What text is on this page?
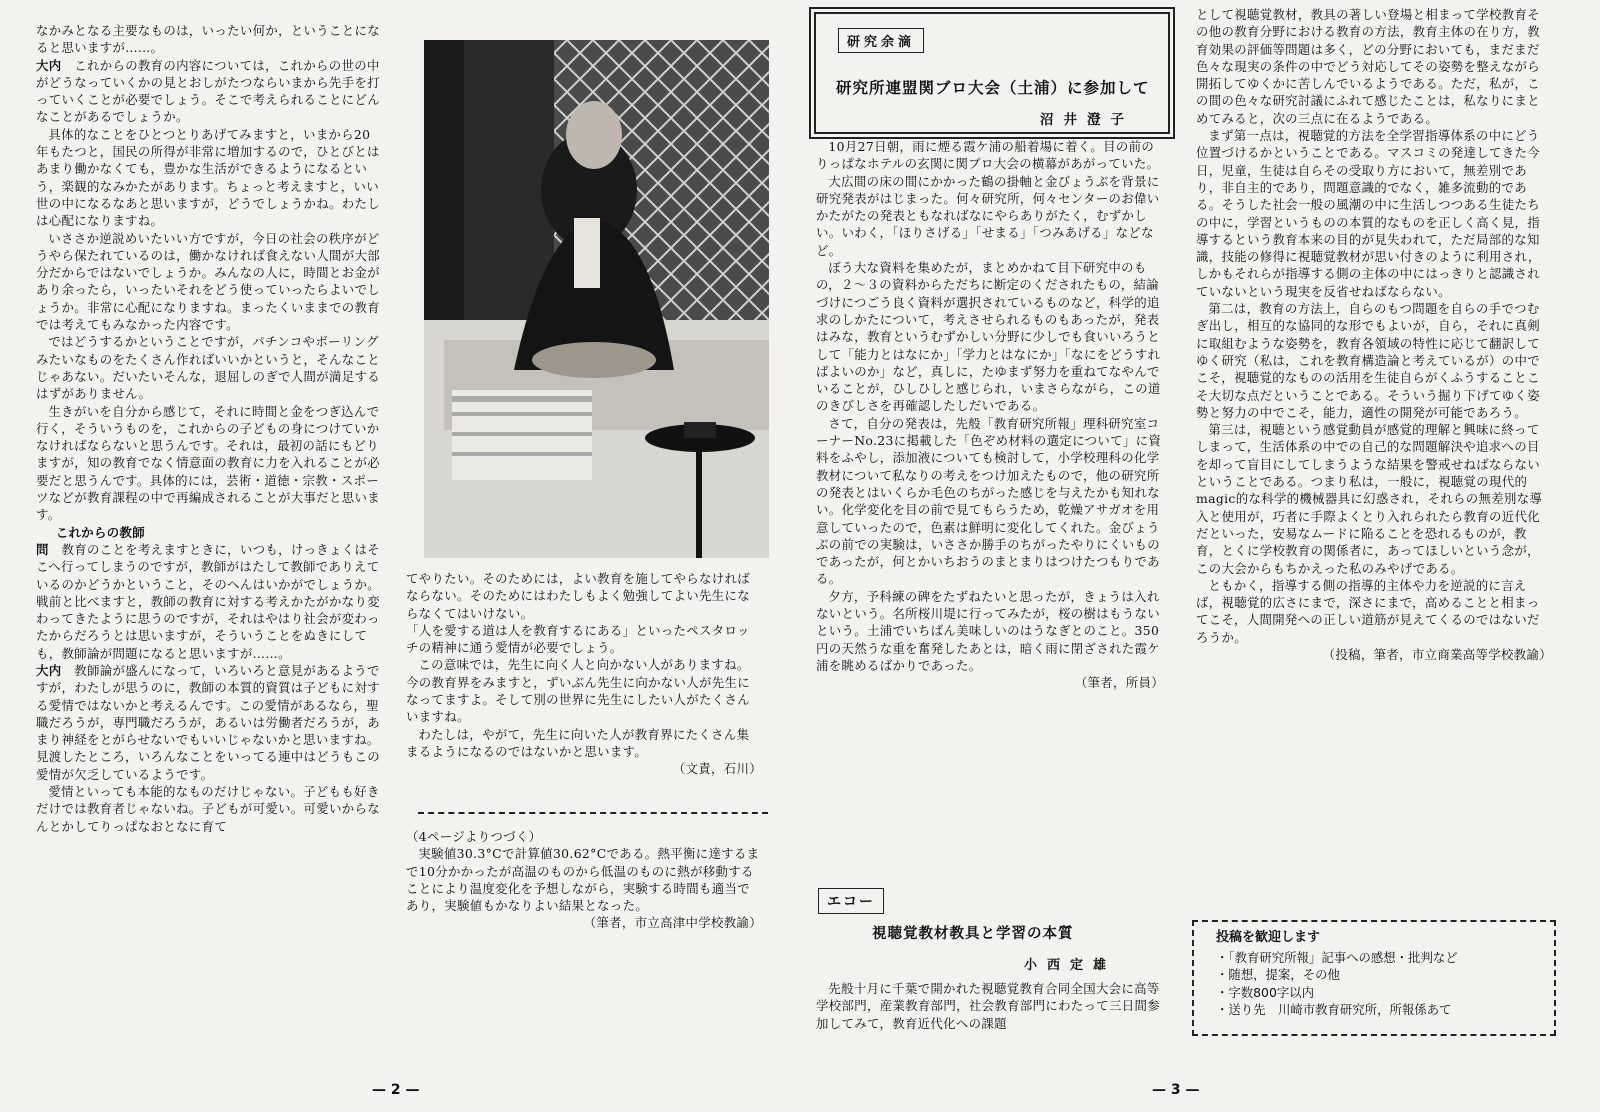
なかみとなる主要なものは，いったい何か，ということになると思いますが……。

大内　 これからの教育の内容については，これからの世の中がどうなっていくかの見とおしがたつならいまから先手を打っていくことが必要でしょう。そこで考えられることにどんなことがあるでしょうか。

具体的なことをひとつとりあげてみますと，いまから20年もたつと，国民の所得が非常に増加するので，ひとびとはあまり働かなくても，豊かな生活ができるようになるという，楽観的なみかたがあります。ちょっと考えますと，いい世の中になるなあと思いますが，どうでしょうかね。わたしは心配になりますね。

いささか逆説めいたいい方ですが，今日の社会の秩序がどうやら保たれているのは，働かなければ食えない人間が大部分だからではないでしょうか。みんなの人に，時間とお金があり余ったら，いったいそれをどう使っていったらよいでしょうか。非常に心配になりますね。まったくいままでの教育では考えてもみなかった内容です。

ではどうするかということですが，パチンコやボーリングみたいなものをたくさん作ればいいかというと，そんなことじゃあない。だいたいそんな，退屈しのぎで人間が満足するはずがありません。

生きがいを自分から感じて，それに時間と金をつぎ込んで行く，そういうものを，これからの子どもの身につけていかなければならないと思うんです。それは，最初の話にもどりますが，知の教育でなく情意面の教育に力を入れることが必要だと思うんです。具体的には，芸術・道徳・宗教・スポーツなどが教育課程の中で再編成されることが大事だと思います。

これからの教師

問　 教育のことを考えますときに，いつも，けっきょくはそこへ行ってしまうのですが，教師がはたして教師でありえているのかどうかということ，そのへんはいかがでしょうか。戦前と比べますと，教師の教育に対する考えかたがかなり変わってきたように思うのですが，それはやはり社会が変わったからだろうとは思いますが，そういうことをぬきにしても，教師論が問題になると思いますが……。

大内　 教師論が盛んになって，いろいろと意見があるようですが，わたしが思うのに，教師の本質的資質は子どもに対する愛情ではないかと考えるんです。この愛情があるなら，聖職だろうが，専門職だろうが，あるいは労働者だろうが，あまり神経をとがらせないでもいいじゃないかと思いますね。見渡したところ，いろんなことをいってる連中はどうもこの愛情が欠乏しているようです。

愛情といっても本能的なものだけじゃない。子どもも好きだけでは教育者じゃないね。子どもが可愛い。可愛いからなんとかしてりっぱなおとなに育て

てやりたい。そのためには，よい教育を施してやらなければならない。そのためにはわたしもよく勉強してよい先生にならなくてはいけない。

「人を愛する道は人を教育するにある」といったペスタロッチの精神に通う愛情が必要でしょう。

この意味では，先生に向く人と向かない人がありますね。今の教育界をみますと，ずいぶん先生に向かない人が先生になってますよ。そして別の世界に先生にしたい人がたくさんいますね。

わたしは，やがて，先生に向いた人が教育界にたくさん集まるようになるのではないかと思います。

（文責，石川）

（4ページよりつづく）

実験値30.3°Cで計算値30.62°Cである。熱平衡に達するまで10分かかったが高温のものから低温のものに熱が移動することにより温度変化を予想しながら，実験する時間も適当であり，実験値もかなりよい結果となった。

（筆者，市立高津中学校教諭）

— 2 —
研究余滴
研究所連盟関ブロ大会（土浦）に参加して
沼井澄子

10月27日朝，雨に煙る霞ケ浦の船着場に着く。目の前のりっぱなホテルの玄関に関ブロ大会の横幕があがっていた。

大広間の床の間にかかった鶴の掛軸と金びょうぶを背景に研究発表がはじまった。何々研究所，何々センターのお偉いかたがたの発表ともなればなにやらありがたく，むずかしい。いわく，「ほりさげる」「せまる」「つみあげる」などなど。

ぼう大な資料を集めたが，まとめかねて目下研究中のもの，２～３の資料からただちに断定のくだされたもの，結論づけにつごう良く資料が選択されているものなど，科学的追求のしかたについて，考えさせられるものもあったが，発表はみな，教育というむずかしい分野に少しでも食いいろうとして「能力とはなにか」「学力とはなにか」「なにをどうすればよいのか」など，真しに，たゆまず努力を重ねてなやんでいることが，ひしひしと感じられ，いまさらながら，この道のきびしさを再確認したしだいである。

さて，自分の発表は，先般「教育研究所報」理科研究室コーナーNo.23に掲載した「色ぞめ材料の選定について」に資料をふやし，添加液についても検討して，小学校理科の化学教材について私なりの考えをつけ加えたもので，他の研究所の発表とはいくらか毛色のちがった感じを与えたかも知れない。化学変化を目の前で見てもらうため，乾燥アサガオを用意していったので，色素は鮮明に変化してくれた。金びょうぶの前での実験は，いささか勝手のちがったやりにくいものであったが，何とかいちおうのまとまりはつけたつもりである。

夕方，予科練の碑をたずねたいと思ったが，きょうは入れないという。名所桜川堤に行ってみたが，桜の樹はもうないという。土浦でいちばん美味しいのはうなぎとのこと。350円の天然うな重を奮発したあとは，暗く雨に閉ざされた霞ケ浦を眺めるばかりであった。

（筆者，所員）

エコー
視聴覚教材教具と学習の本質
小西定雄

先般十月に千葉で開かれた視聴覚教育合同全国大会に高等学校部門，産業教育部門，社会教育部門にわたって三日間参加してみて，教育近代化への課題

として視聴覚教材，教具の著しい登場と相まって学校教育その他の教育分野における教育の方法，教育主体の在り方，教育効果の評価等問題は多く，どの分野においても，まだまだ色々な現実の条件の中でどう対応してその姿勢を整えながら開拓してゆくかに苦しんでいるようである。ただ，私が，この間の色々な研究討議にふれて感じたことは，私なりにまとめてみると，次の三点に在るようである。

まず第一点は，視聴覚的方法を全学習指導体系の中にどう位置づけるかということである。マスコミの発達してきた今日，児童，生徒は自らその受取り方において，無差別であり，非自主的であり，問題意識的でなく，雑多流動的である。そうした社会一般の風潮の中に生活しつつある生徒たちの中に，学習というものの本質的なものを正しく高く見，指導するという教育本来の目的が見失われて，ただ局部的な知識，技能の修得に視聴覚教材が思い付きのように利用され，しかもそれらが指導する側の主体の中にはっきりと認識されていないという現実を反省せねばならない。

第二は，教育の方法上，自らのもつ問題を自らの手でつむぎ出し，相互的な協同的な形でもよいが，自ら，それに真剣に取組むような姿勢を，教育各領域の特性に応じて翻訳してゆく研究（私は，これを教育構造論と考えているが）の中でこそ，視聴覚的なものの活用を生徒自らがくふうすることこそ大切な点だということである。そういう掘り下げてゆく姿勢と努力の中でこそ，能力，適性の開発が可能であろう。

第三は，視聴という感覚動員が感覚的理解と興味に終ってしまって，生活体系の中での自己的な問題解決や追求への目を却って盲目にしてしまうような結果を警戒せねばならないということである。つまり私は，一般に，視聴覚の現代的magic的な科学的機械器具に幻惑され，それらの無差別な導入と使用が，巧者に手際よくとり入れられたら教育の近代化だといった，安易なムードに陥ることを恐れるものが，教育，とくに学校教育の関係者に，あってほしいという念が，この大会からもちかえった私のみやげである。

ともかく，指導する側の指導的主体や力を逆説的に言えば，視聴覚的広さにまで，深さにまで，高めることと相まってこそ，人間開発への正しい道筋が見えてくるのではないだろうか。

（投稿，筆者，市立商業高等学校教諭）

投稿を歓迎します
・「教育研究所報」記事への感想・批判など
・随想，提案，その他
・字数800字以内
・送り先　川崎市教育研究所，所報係あて
— 3 —
